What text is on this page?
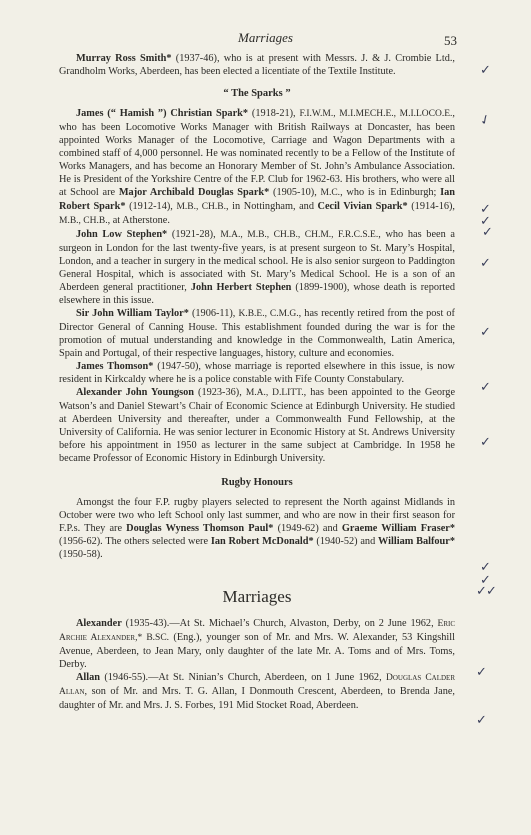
Marriages	53

Murray Ross Smith* (1937-46), who is at present with Messrs. J. & J. Crombie Ltd., Grandholm Works, Aberdeen, has been elected a licentiate of the Textile Institute.

“ The Sparks ”

James (“ Hamish ”) Christian Spark* (1918-21), F.I.W.M., M.I.MECH.E., M.I.LOCO.E., who has been Locomotive Works Manager with British Railways at Doncaster, has been appointed Works Manager of the Locomotive, Carriage and Wagon Departments with a combined staff of 4,000 personnel. He was nominated recently to be a Fellow of the Institute of Works Managers, and has become an Honorary Member of St. John’s Ambulance Association. He is President of the Yorkshire Centre of the F.P. Club for 1962-63. His brothers, who were all at School are Major Archibald Douglas Spark* (1905-10), M.C., who is in Edinburgh; Ian Robert Spark* (1912-14), M.B., CH.B., in Nottingham, and Cecil Vivian Spark* (1914-16), M.B., CH.B., at Atherstone.

John Low Stephen* (1921-28), M.A., M.B., CH.B., CH.M., F.R.C.S.E., who has been a surgeon in London for the last twenty-five years, is at present surgeon to St. Mary’s Hospital, London, and a teacher in surgery in the medical school. He is also senior surgeon to Paddington General Hospital, which is associated with St. Mary’s Medical School. He is a son of an Aberdeen general practitioner, John Herbert Stephen (1899-1900), whose death is reported elsewhere in this issue.

Sir John William Taylor* (1906-11), K.B.E., C.M.G., has recently retired from the post of Director General of Canning House. This establishment founded during the war is for the promotion of mutual understanding and knowledge in the Commonwealth, Latin America, Spain and Portugal, of their respective languages, history, culture and economies.

James Thomson* (1947-50), whose marriage is reported elsewhere in this issue, is now resident in Kirkcaldy where he is a police constable with Fife County Constabulary.

Alexander John Youngson (1923-36), M.A., D.LITT., has been appointed to the George Watson’s and Daniel Stewart’s Chair of Economic Science at Edinburgh University. He studied at Aberdeen University and thereafter, under a Commonwealth Fund Fellowship, at the University of California. He was senior lecturer in Economic History at St. Andrews University before his appointment in 1950 as lecturer in the same subject at Cambridge. In 1958 he became Professor of Economic History in Edinburgh University.

Rugby Honours

Amongst the four F.P. rugby players selected to represent the North against Midlands in October were two who left School only last summer, and who are now in their first season for F.P.s. They are Douglas Wyness Thomson Paul* (1949-62) and Graeme William Fraser* (1956-62). The others selected were Ian Robert McDonald* (1940-52) and William Balfour* (1950-58).

Marriages

Alexander (1935-43).—At St. Michael’s Church, Alvaston, Derby, on 2 June 1962, Eric Archie Alexander,* B.SC. (Eng.), younger son of Mr. and Mrs. W. Alexander, 53 Kingshill Avenue, Aberdeen, to Jean Mary, only daughter of the late Mr. A. Toms and of Mrs. Toms, Derby.

Allan (1946-55).—At St. Ninian’s Church, Aberdeen, on 1 June 1962, Douglas Calder Allan, son of Mr. and Mrs. T. G. Allan, I Donmouth Crescent, Aberdeen, to Brenda Jane, daughter of Mr. and Mrs. J. S. Forbes, 191 Mid Stocket Road, Aberdeen.

✓
✓
✓
✓
✓
✓
✓
✓
✓
✓
✓
✓ ✓
✓
✓
